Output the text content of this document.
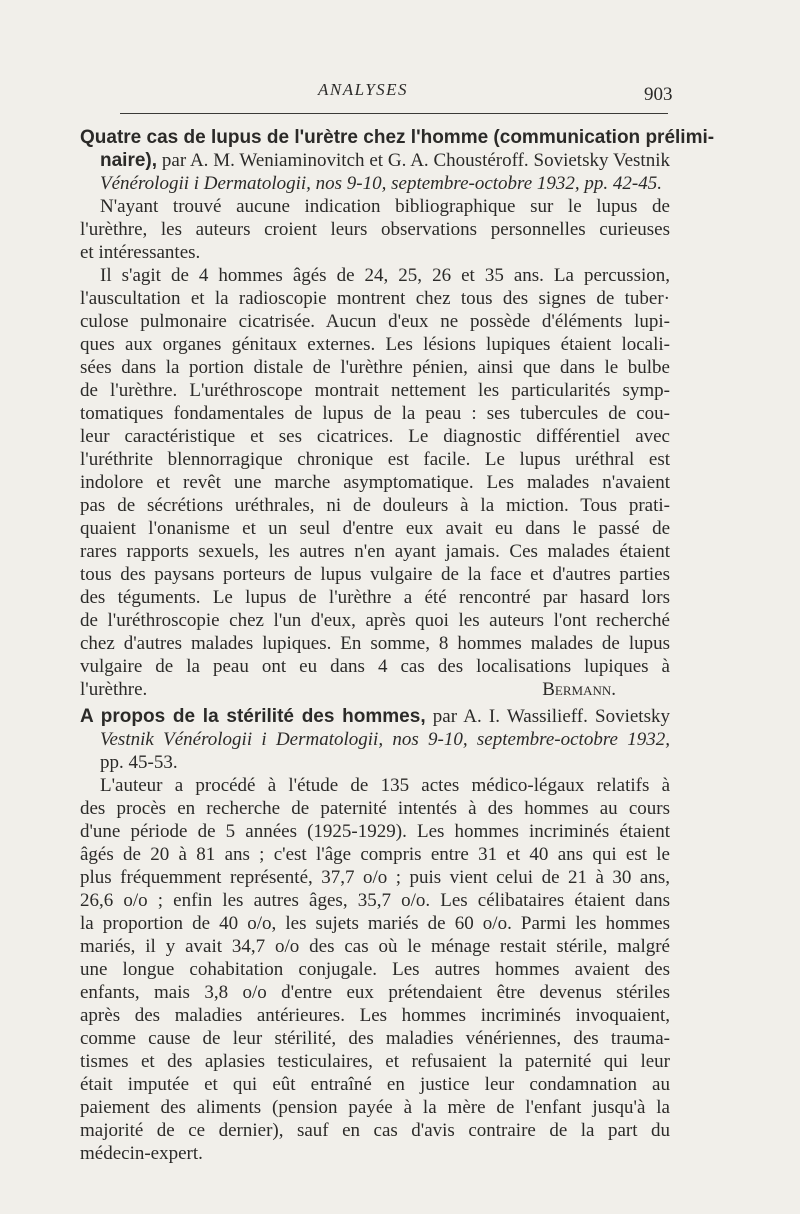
ANALYSES	903
Quatre cas de lupus de l'urètre chez l'homme (communication prélimi-
naire), par A. M. Weniaminovitch et G. A. Choustéroff. Sovietsky Vestnik
Vénérologii i Dermatologii, nos 9-10, septembre-octobre 1932, pp. 42-45.
N'ayant trouvé aucune indication bibliographique sur le lupus de
l'urèthre, les auteurs croient leurs observations personnelles curieuses
et intéressantes.
Il s'agit de 4 hommes âgés de 24, 25, 26 et 35 ans. La percussion,
l'auscultation et la radioscopie montrent chez tous des signes de tuber·
culose pulmonaire cicatrisée. Aucun d'eux ne possède d'éléments lupi-
ques aux organes génitaux externes. Les lésions lupiques étaient locali-
sées dans la portion distale de l'urèthre pénien, ainsi que dans le bulbe
de l'urèthre. L'uréthroscope montrait nettement les particularités symp-
tomatiques fondamentales de lupus de la peau : ses tubercules de cou-
leur caractéristique et ses cicatrices. Le diagnostic différentiel avec
l'uréthrite blennorragique chronique est facile. Le lupus uréthral est
indolore et revêt une marche asymptomatique. Les malades n'avaient
pas de sécrétions uréthrales, ni de douleurs à la miction. Tous prati-
quaient l'onanisme et un seul d'entre eux avait eu dans le passé de
rares rapports sexuels, les autres n'en ayant jamais. Ces malades étaient
tous des paysans porteurs de lupus vulgaire de la face et d'autres parties
des téguments. Le lupus de l'urèthre a été rencontré par hasard lors
de l'uréthroscopie chez l'un d'eux, après quoi les auteurs l'ont recherché
chez d'autres malades lupiques. En somme, 8 hommes malades de lupus
vulgaire de la peau ont eu dans 4 cas des localisations lupiques à
l'urèthre.	Bermann.
A propos de la stérilité des hommes, par A. I. Wassilieff. Sovietsky
Vestnik Vénérologii i Dermatologii, nos 9-10, septembre-octobre 1932,
pp. 45-53.
L'auteur a procédé à l'étude de 135 actes médico-légaux relatifs à
des procès en recherche de paternité intentés à des hommes au cours
d'une période de 5 années (1925-1929). Les hommes incriminés étaient
âgés de 20 à 81 ans ; c'est l'âge compris entre 31 et 40 ans qui est le
plus fréquemment représenté, 37,7 o/o ; puis vient celui de 21 à 30 ans,
26,6 o/o ; enfin les autres âges, 35,7 o/o. Les célibataires étaient dans
la proportion de 40 o/o, les sujets mariés de 60 o/o. Parmi les hommes
mariés, il y avait 34,7 o/o des cas où le ménage restait stérile, malgré
une longue cohabitation conjugale. Les autres hommes avaient des
enfants, mais 3,8 o/o d'entre eux prétendaient être devenus stériles
après des maladies antérieures. Les hommes incriminés invoquaient,
comme cause de leur stérilité, des maladies vénériennes, des trauma-
tismes et des aplasies testiculaires, et refusaient la paternité qui leur
était imputée et qui eût entraîné en justice leur condamnation au
paiement des aliments (pension payée à la mère de l'enfant jusqu'à la
majorité de ce dernier), sauf en cas d'avis contraire de la part du
médecin-expert.
